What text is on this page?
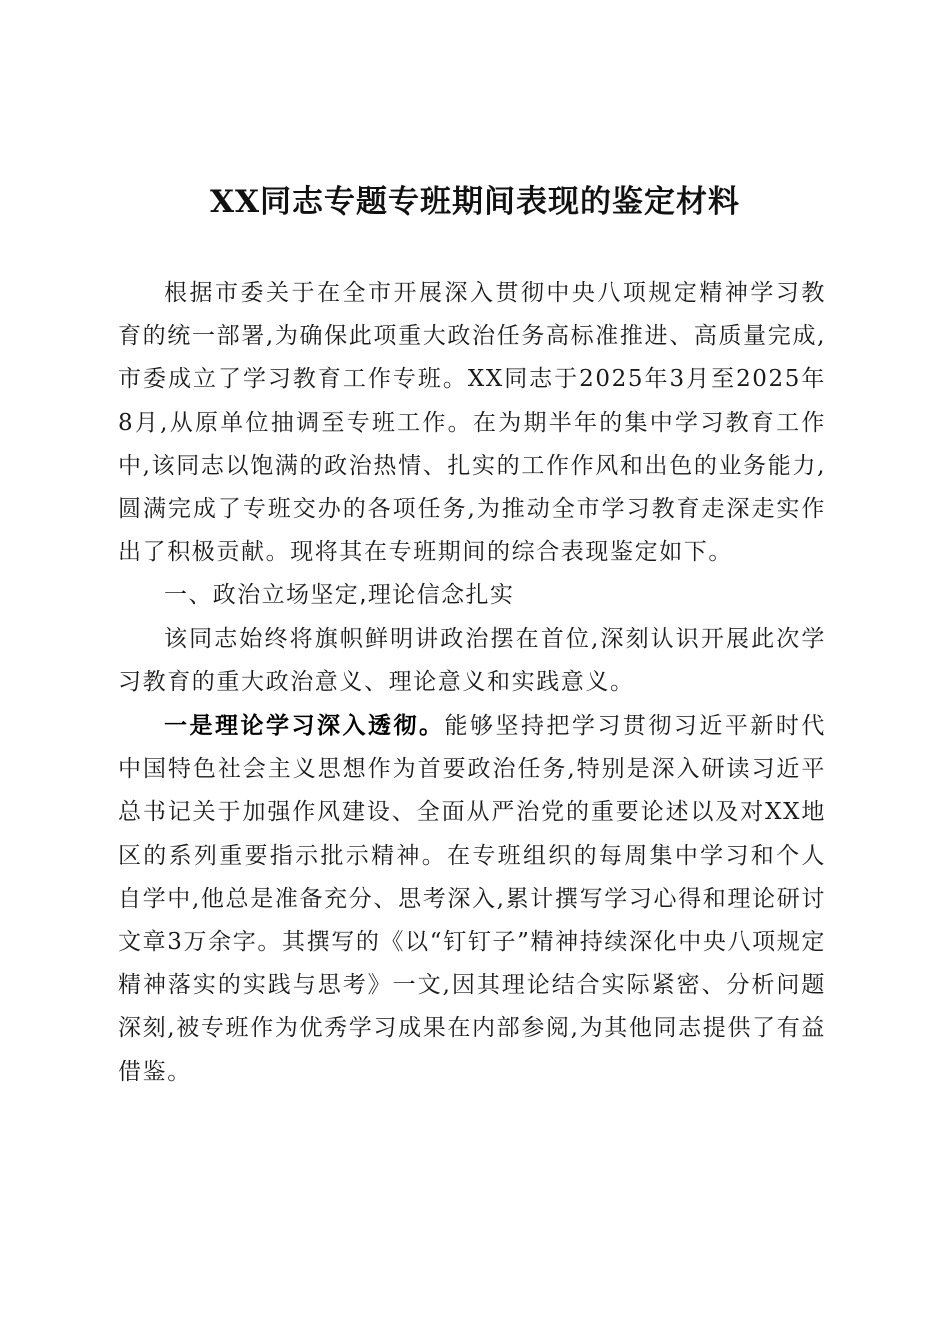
XX同志专题专班期间表现的鉴定材料

根据市委关于在全市开展深入贯彻中央八项规定精神学习教育的统一部署,为确保此项重大政治任务高标准推进、高质量完成,市委成立了学习教育工作专班。XX同志于2025年3月至2025年8月,从原单位抽调至专班工作。在为期半年的集中学习教育工作中,该同志以饱满的政治热情、扎实的工作作风和出色的业务能力,圆满完成了专班交办的各项任务,为推动全市学习教育走深走实作出了积极贡献。现将其在专班期间的综合表现鉴定如下。

一、政治立场坚定,理论信念扎实

该同志始终将旗帜鲜明讲政治摆在首位,深刻认识开展此次学习教育的重大政治意义、理论意义和实践意义。

一是理论学习深入透彻。能够坚持把学习贯彻习近平新时代中国特色社会主义思想作为首要政治任务,特别是深入研读习近平总书记关于加强作风建设、全面从严治党的重要论述以及对XX地区的系列重要指示批示精神。在专班组织的每周集中学习和个人自学中,他总是准备充分、思考深入,累计撰写学习心得和理论研讨文章3万余字。其撰写的《以“钉钉子”精神持续深化中央八项规定精神落实的实践与思考》一文,因其理论结合实际紧密、分析问题深刻,被专班作为优秀学习成果在内部参阅,为其他同志提供了有益借鉴。
